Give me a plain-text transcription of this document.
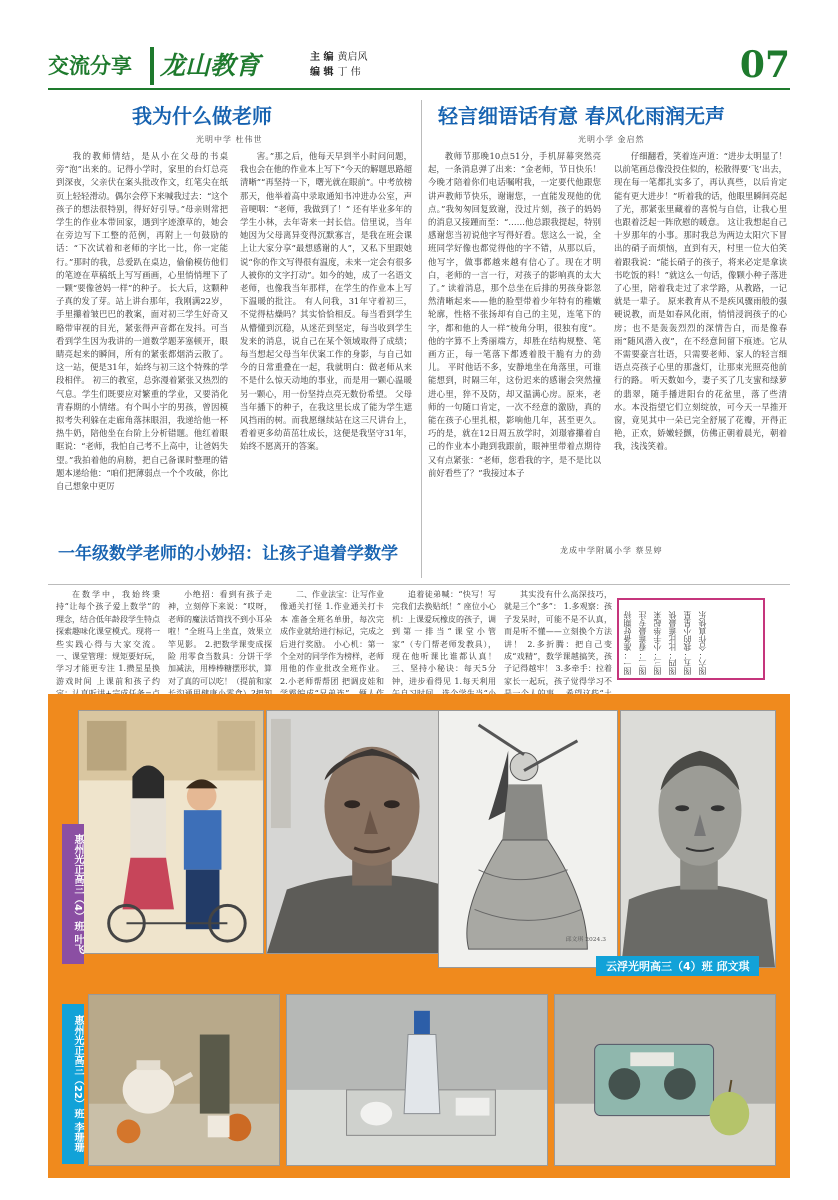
交流分享	龙山教育	主 编 黄启风
编 辑 丁 伟	07
我为什么做老师
光明中学 杜伟世

我的教师情结，是从小在父母的书桌旁“泡”出来的。记得小学时，家里的台灯总亮到深夜，父亲伏在案头批改作文，红笔尖在纸页上轻轻滑动。偶尔会停下来喊我过去：“这个孩子的想法很特别，得好好引导。”母亲则常把学生的作业本带回家，遇到字迹潦草的，她会在旁边写下工整的范例，再附上一句鼓励的话：“下次试着和老师的字比一比，你一定能行。”那时的我，总爱趴在桌边，偷偷模仿他们的笔迹在草稿纸上写写画画，心里悄悄埋下了一颗“要像爸妈一样”的种子。 长大后，这颗种子真的发了芽。站上讲台那年，我刚满22岁，手里攥着皱巴巴的教案，面对初三学生好奇又略带审视的目光，紧张得声音都在发抖。可当看到学生因为我讲的一道数学题茅塞顿开，眼睛亮起来的瞬间，所有的紧张都烟消云散了。这一站，便是31年，始终与初三这个特殊的学段相伴。 初三的教室，总弥漫着紧张又热烈的气息。学生们既要应对繁重的学业，又要消化青春期的小情绪。有个叫小宇的男孩，曾因模拟考失利躲在走廊角落抹眼泪，我递给他一杯热牛奶，陪他坐在台阶上分析错题。他红着眼眶说：“老师，我怕自己考不上高中，让爸妈失望。”我拍着他的肩膀，把自己备课时整理的错题本递给他：“咱们把薄弱点一个个攻破，你比自己想象中更厉

害。”那之后，他每天早到半小时问问题，我也会在他的作业本上写下“今天的解题思路超清晰”“再坚持一下，曙光就在眼前”。中考放榜那天，他举着高中录取通知书冲进办公室，声音哽咽：“老师，我做到了！” 还有毕业多年的学生小林，去年寄来一封长信。信里说，当年她因为父母离异变得沉默寡言，是我在班会课上让大家分享“最想感谢的人”，又私下里跟她说“你的作文写得很有温度，未来一定会有很多人被你的文字打动”。如今的她，成了一名语文老师，也像我当年那样，在学生的作业本上写下温暖的批注。 有人问我，31年守着初三，不觉得枯燥吗？其实恰恰相反。每当看到学生从懵懂到沉稳，从迷茫到坚定，每当收到学生发来的消息，说自己在某个领域取得了成绩；每当想起父母当年伏案工作的身影，与自己如今的日常重叠在一起，我就明白：做老师从来不是什么惊天动地的事业，而是用一颗心温暖另一颗心，用一份坚持点亮无数份希望。 父母当年播下的种子，在我这里长成了能为学生遮风挡雨的树。而我愿继续站在这三尺讲台上，看着更多幼苗茁壮成长，这便是我坚守31年，始终不愿离开的答案。

轻言细语话有意 春风化雨润无声
光明小学 金启然

教师节那晚10点51分，手机屏幕突然亮起，一条消息弹了出来：“金老师，节日快乐！今晚才陪着你们电话嘱咐我，一定要代他跟您讲声教师节快乐，谢谢您，一直能发现他的优点。”我匆匆回复致谢，没过片刻，孩子的妈妈的消息又接踵而至：“……他总跟我提起，特别感谢您当初说他字写得好看。您这么一说，全班同学好像也都觉得他的字不错，从那以后，他写字，做事都越来越有信心了。现在才明白，老师的一言一行，对孩子的影响真的太大了。” 读着消息，那个总坐在后排的男孩身影忽然清晰起来——他的脸型带着少年特有的稚嫩轮廓，性格不张扬却有自己的主见，连笔下的字，都和他的人一样“棱角分明，很独有度”。他的字算不上秀丽端方，却胜在结构规整、笔画方正，每一笔落下都透着股干脆有力的劲儿。 平时他话不多，安静地坐在角落里，可谁能想到，时隔三年，这份迟来的感谢会突然撞进心里，猝不及防，却又温满心房。原来，老师的一句随口肯定，一次不经意的激励，真的能在孩子心里扎根，影响他几年，甚至更久。 巧的是，就在12日周五放学时，刘璟睿攥着自己的作业本小跑到我跟前，眼神里带着点期待又有点紧张：“老师，您看我的字，是不是比以前好看些了？”我接过本子

仔细翻看，笑着连声道：“进步太明显了！以前笔画总像没投住似的，松散得要‘飞’出去，现在每一笔都扎实多了，再认真些，以后肯定能有更大进步！”听着我的话，他眼里瞬间亮起了光，那紧张里藏着的喜悦与自信，让我心里也跟着泛起一阵欣慰的暖意。 这让我想起自己十岁那年的小事。那时我总为两边太阳穴下冒出的硝子而烦恼，直到有天，村里一位大伯笑着跟我说：“能长硝子的孩子，将来必定是拿读书吃饭的料！”就这么一句话，像颗小种子落进了心里，陪着我走过了求学路，从教路，一记就是一辈子。 原来教育从不是疾风骤雨般的强硬说教，而是如春风化雨，悄悄浸润孩子的心房；也不是轰轰烈烈的深情告白，而是像春雨“随风潜入夜”，在不经意间留下痕迹。它从不需要豪言壮语，只需要老师、家人的轻言细语点亮孩子心里的那盏灯，让那束光照亮他前行的路。 听天数如今，妻子买了几支蜜和绿萝的翡翠，随手播进阳台的花盆里，落了些清水。本没指望它们立刻绽放，可今天一早推开窗，竟见其中一朵已完全舒展了花瓣，开得正艳，正欢，娇嫩轻颤，仿佛正朝着晨光，朝着我，浅浅笑着。

一年级数学老师的小妙招：让孩子追着学数学	龙成中学附属小学 蔡昱婷

在数学中，我始终秉持“让每个孩子爱上数学”的理念，结合低年龄段学生特点探索趣味化课堂模式。现将一些实践心得与大家交流。 一、课堂管理：规矩要好玩，学习才能更专注 1.攒星星换游戏时间 上课前和孩子约

小绝招：看到有孩子走神，立刻停下来说：“哎呀，老师的魔法话筒找不到小耳朵啦！”全班马上坐直，效果立竿见影。 2.把数学课变成探险 用零食当数具：分饼干学加减法，用棒棒糖摆形状，算对了真的可以吃！（提前和家

二、作业法宝：让写作业像通关打怪 1.作业通关打卡本 准备全班名单册，每次完成作业就给进行标记，完成之后进行奖励。 小心机：第一个全对的同学作为榜样，老师用他的作业批改全班作业。 2.小老师帮帮团 把调皮娃和

追着徒弟喊：“快写！写完我们去换贴纸！” 座位小心机：上课爱玩橡皮的孩子，调到第一排当“课堂小管家”（专门帮老师发教具），现在他听课比谁都认真！ 三、坚持小秘诀：每天5分钟，进步看得见 1.每天利用

其实没有什么高深技巧，就是三个“多”： 1.多观察：孩子发呆时，可能不是不认真，而是听不懂——立刻换个方法讲！ 2.多折腾：把自己变成“戏精”，数学课越搞笑，孩子记得越牢！ 3.多牵手：拉着家长一起玩，孩子觉得学习不

图一：准备好期待 图二：看谁最专注 图三：小手举起来 图四：比比谁最快 图五：我的小星星 图六：合作真快乐
惠州光正高三（4）班 叶飞	邱文琪 2024.3
云浮光明高三（4）班 邱文琪
惠州光正高三（22）班 李珊珊
